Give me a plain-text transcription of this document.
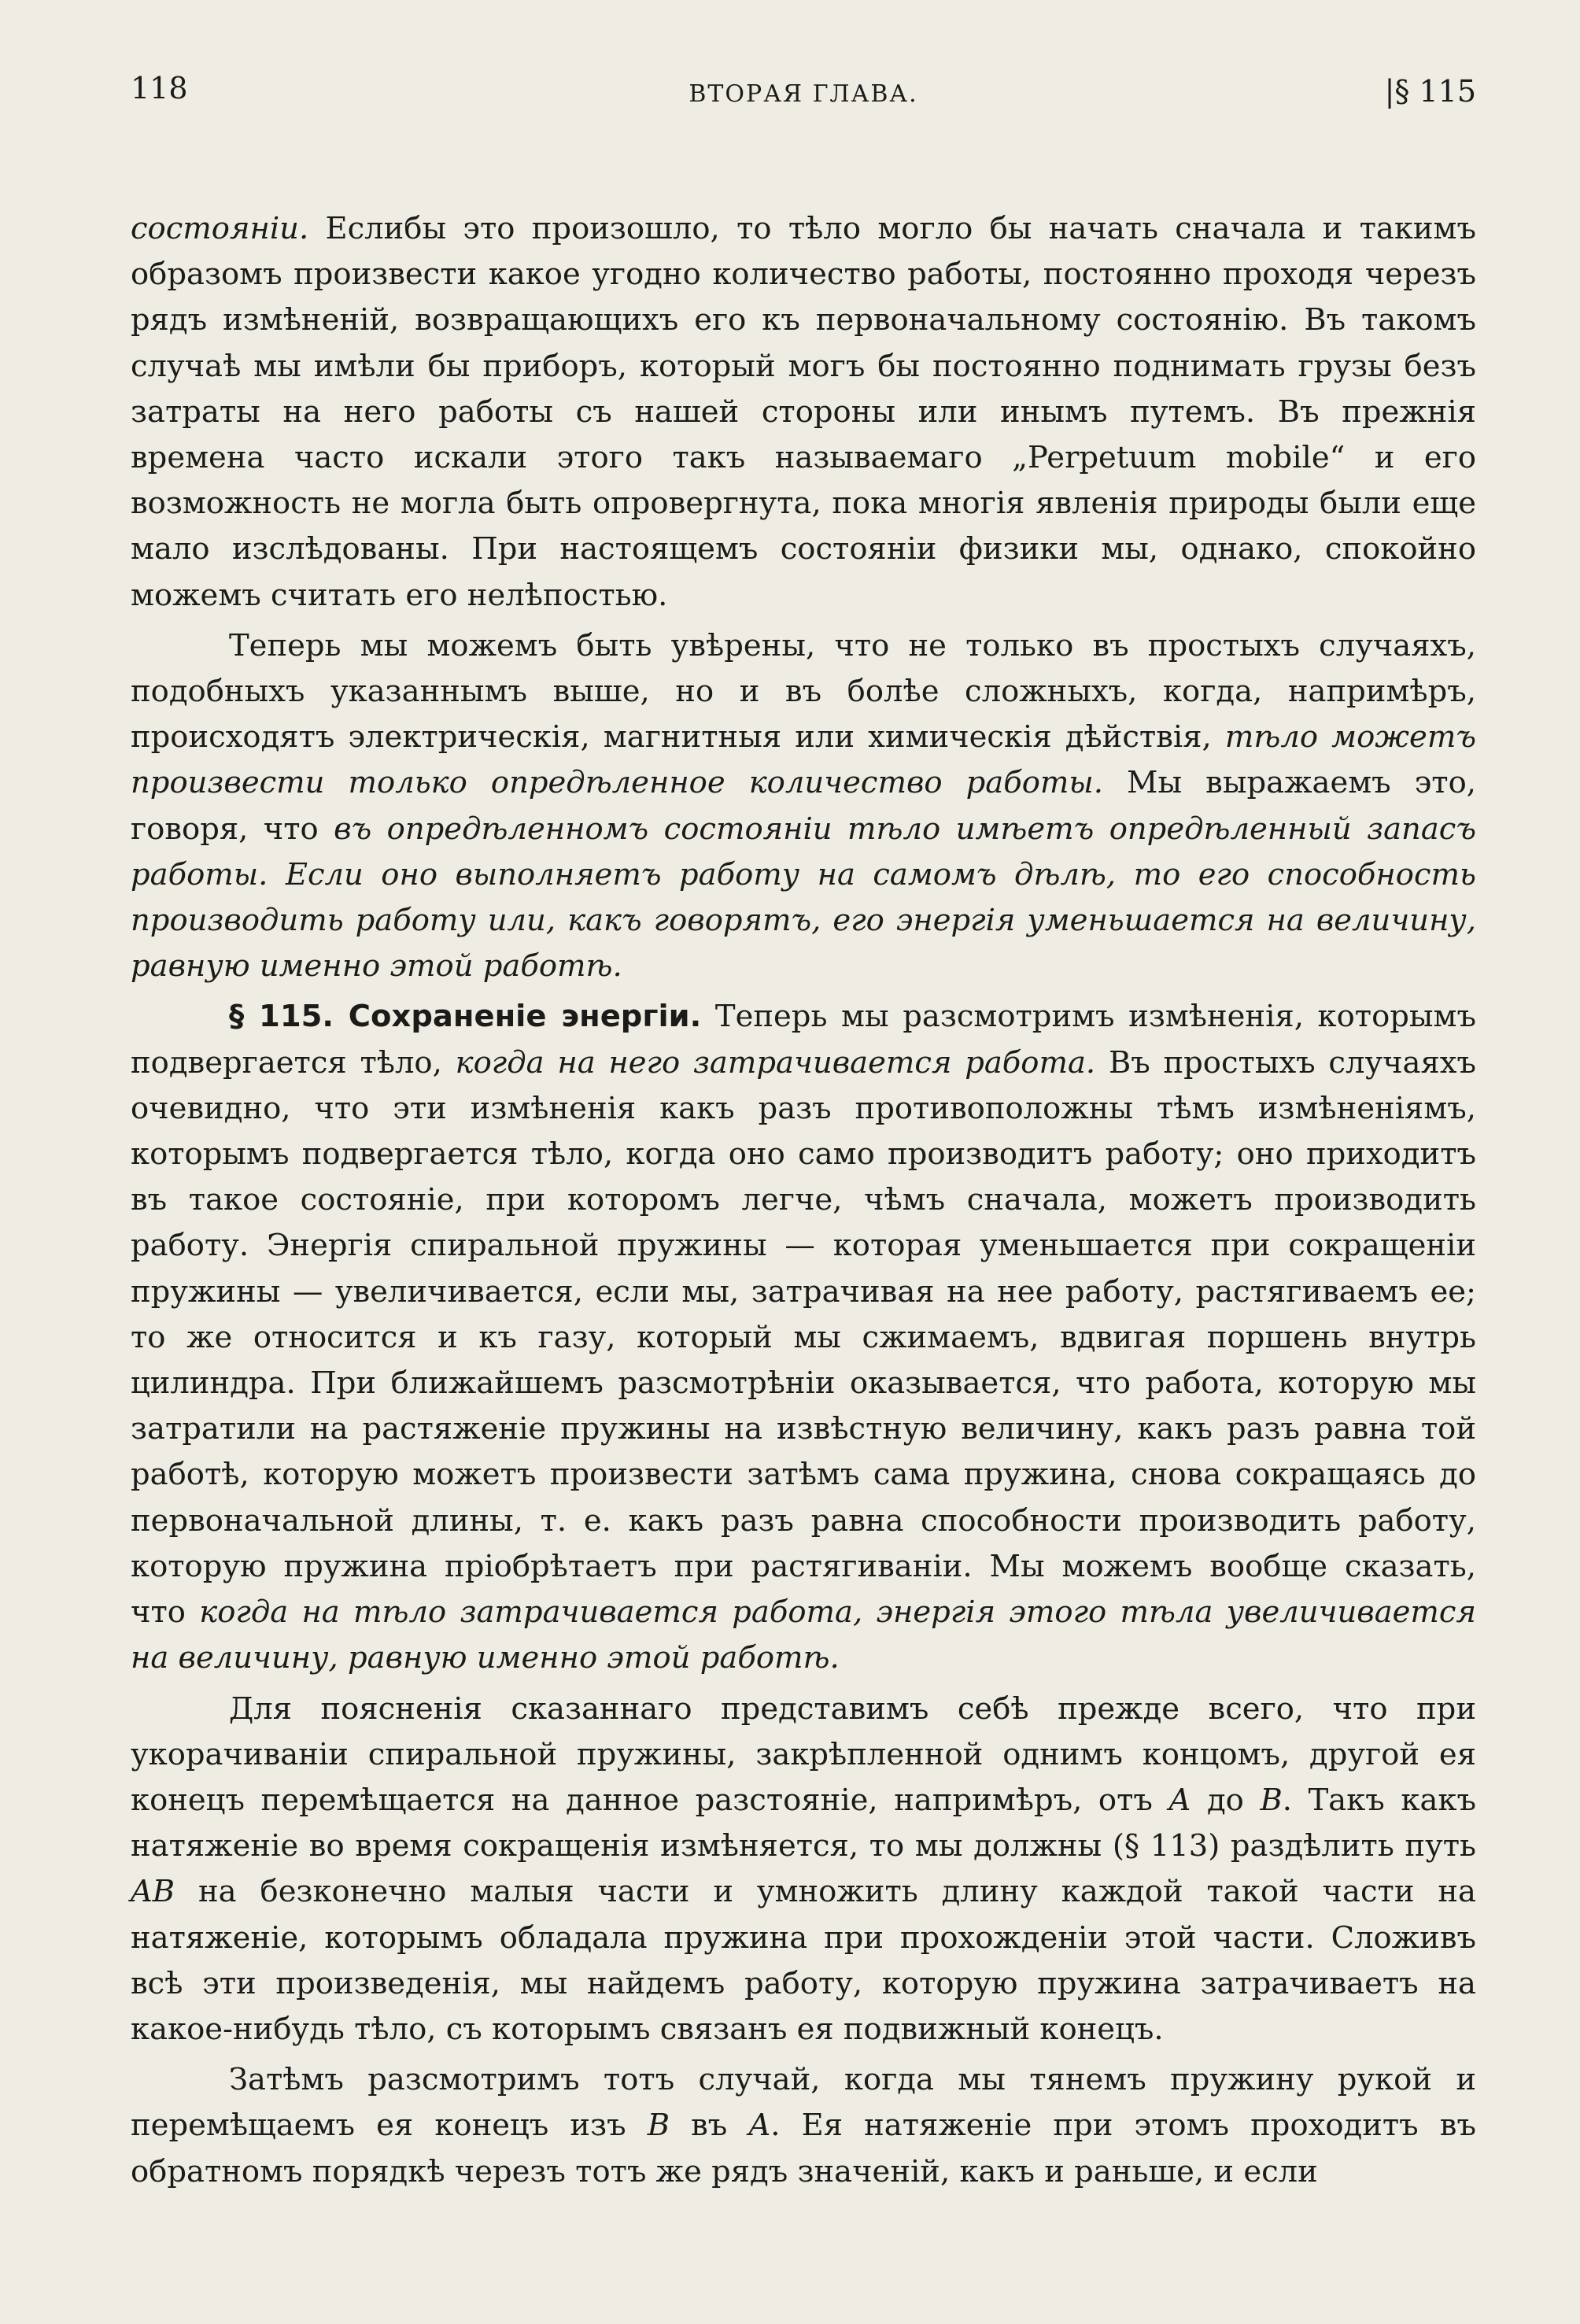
118	ВТОРАЯ ГЛАВА.	|§ 115

состоянiи. Еслибы это произошло, то тѣло могло бы начать сначала и такимъ образомъ произвести какое угодно количество работы, постоянно проходя черезъ рядъ измѣненiй, возвращающихъ его къ первоначальному состоянiю. Въ такомъ случаѣ мы имѣли бы приборъ, который могъ бы постоянно поднимать грузы безъ затраты на него работы съ нашей стороны или инымъ путемъ. Въ прежнiя времена часто искали этого такъ называемаго „Perpetuum mobile“ и его возможность не могла быть опровергнута, пока многiя явленiя природы были еще мало изслѣдованы. При настоящемъ состоянiи физики мы, однако, спокойно можемъ считать его нелѣпостью.

Теперь мы можемъ быть увѣрены, что не только въ простыхъ случаяхъ, подобныхъ указаннымъ выше, но и въ болѣе сложныхъ, когда, напримѣръ, происходятъ электрическiя, магнитныя или химическiя дѣйствiя, тѣло можетъ произвести только опредѣленное количество работы. Мы выражаемъ это, говоря, что въ опредѣленномъ состоянiи тѣло имѣетъ опредѣленный запасъ работы. Если оно выполняетъ работу на самомъ дѣлѣ, то его способность производить работу или, какъ говорятъ, его энергiя уменьшается на величину, равную именно этой работѣ.

§ 115. Сохраненiе энергiи. Теперь мы разсмотримъ измѣненiя, которымъ подвергается тѣло, когда на него затрачивается работа. Въ простыхъ случаяхъ очевидно, что эти измѣненiя какъ разъ противоположны тѣмъ измѣненiямъ, которымъ подвергается тѣло, когда оно само производитъ работу; оно приходитъ въ такое состоянiе, при которомъ легче, чѣмъ сначала, можетъ производить работу. Энергiя спиральной пружины — которая уменьшается при сокращенiи пружины — увеличивается, если мы, затрачивая на нее работу, растягиваемъ ее; то же относится и къ газу, который мы сжимаемъ, вдвигая поршень внутрь цилиндра. При ближайшемъ разсмотрѣнiи оказывается, что работа, которую мы затратили на растяженiе пружины на извѣстную величину, какъ разъ равна той работѣ, которую можетъ произвести затѣмъ сама пружина, снова сокращаясь до первоначальной длины, т. е. какъ разъ равна способности производить работу, которую пружина прiобрѣтаетъ при растягиванiи. Мы можемъ вообще сказать, что когда на тѣло затрачивается работа, энергiя этого тѣла увеличивается на величину, равную именно этой работѣ.

Для поясненiя сказаннаго представимъ себѣ прежде всего, что при укорачиванiи спиральной пружины, закрѣпленной однимъ концомъ, другой ея конецъ перемѣщается на данное разстоянiе, напримѣръ, отъ A до B. Такъ какъ натяженiе во время сокращенiя измѣняется, то мы должны (§ 113) раздѣлить путь AB на безконечно малыя части и умножить длину каждой такой части на натяженiе, которымъ обладала пружина при прохожденiи этой части. Сложивъ всѣ эти произведенiя, мы найдемъ работу, которую пружина затрачиваетъ на какое-нибудь тѣло, съ которымъ связанъ ея подвижный конецъ.

Затѣмъ разсмотримъ тотъ случай, когда мы тянемъ пружину рукой и перемѣщаемъ ея конецъ изъ B въ A. Ея натяженiе при этомъ проходитъ въ обратномъ порядкѣ черезъ тотъ же рядъ значенiй, какъ и раньше, и если
